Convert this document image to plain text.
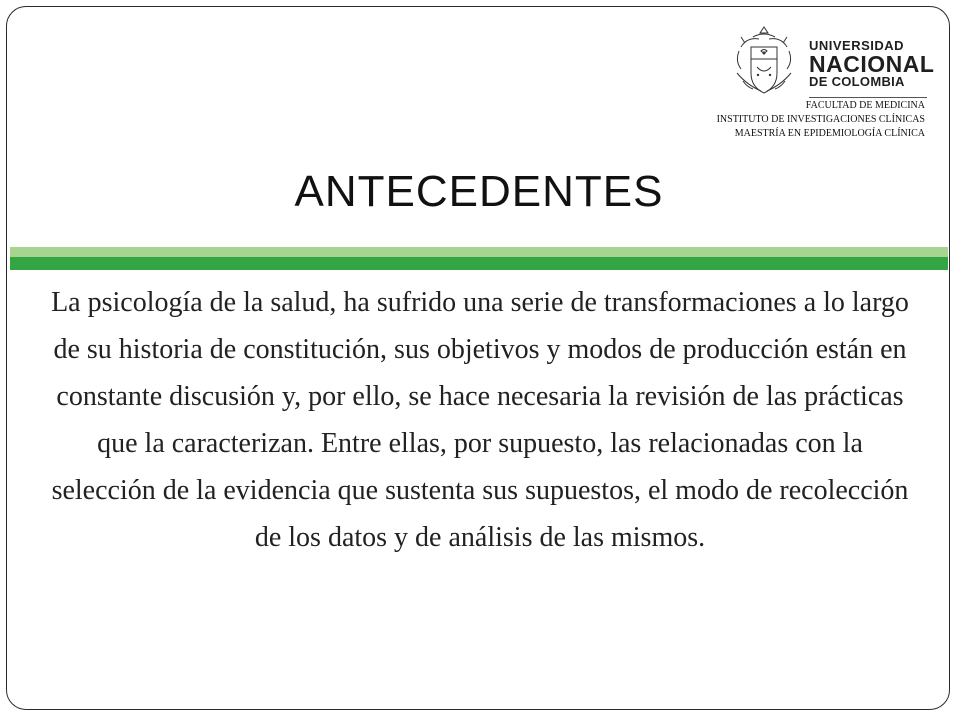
UNIVERSIDAD
NACIONAL
DE COLOMBIA
FACULTAD DE MEDICINA
INSTITUTO DE INVESTIGACIONES CLÍNICAS
MAESTRÍA EN EPIDEMIOLOGÍA CLÍNICA
ANTECEDENTES
La psicología de la salud, ha sufrido una serie de transformaciones a lo largo de su historia de constitución, sus objetivos y modos de producción están en constante discusión y, por ello, se hace necesaria la revisión de las prácticas que la caracterizan. Entre ellas, por supuesto, las relacionadas con la selección de la evidencia que sustenta sus supuestos, el modo de recolección de los datos y de análisis de las mismos.
